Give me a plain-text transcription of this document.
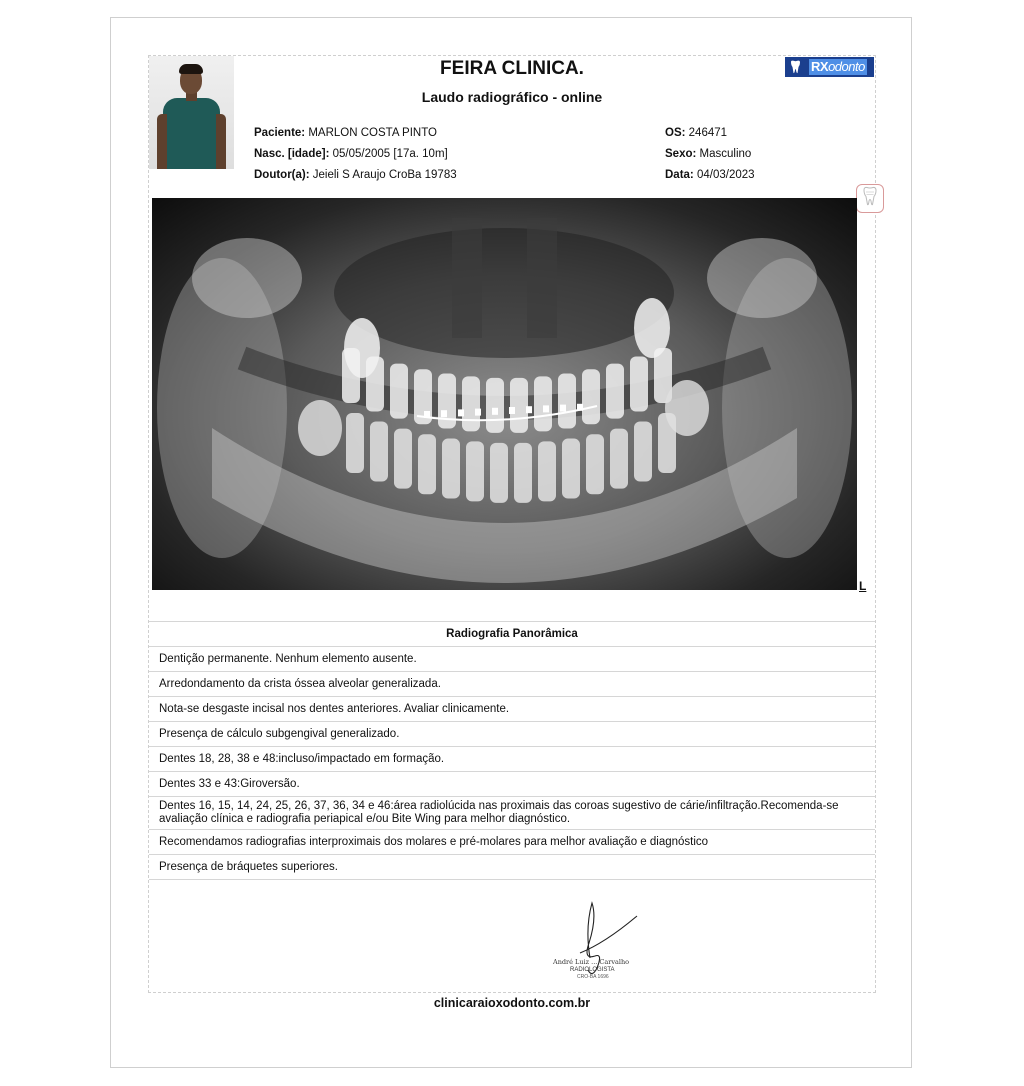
FEIRA CLINICA.
Laudo radiográfico - online
RX odonto
Paciente: MARLON COSTA PINTO
Nasc. [idade]: 05/05/2005 [17a. 10m]
Doutor(a): Jeieli S Araujo CroBa 19783
OS: 246471
Sexo: Masculino
Data: 04/03/2023
L
Radiografia Panorâmica
Dentição permanente. Nenhum elemento ausente.
Arredondamento da crista óssea alveolar generalizada.
Nota-se desgaste incisal nos dentes anteriores. Avaliar clinicamente.
Presença de cálculo subgengival generalizado.
Dentes 18, 28, 38 e 48:incluso/impactado em formação.
Dentes 33 e 43:Giroversão.
Dentes 16, 15, 14, 24, 25, 26, 37, 36, 34 e 46:área radiolúcida nas proximais das coroas sugestivo de cárie/infiltração.Recomenda-se avaliação clínica e radiografia periapical e/ou Bite Wing para melhor diagnóstico.
Recomendamos radiografias interproximais dos molares e pré-molares para melhor avaliação e diagnóstico
Presença de bráquetes superiores.
André Luiz ... Carvalho
RADIOLOGISTA
CRO-BA 1696
clinicaraioxodonto.com.br
